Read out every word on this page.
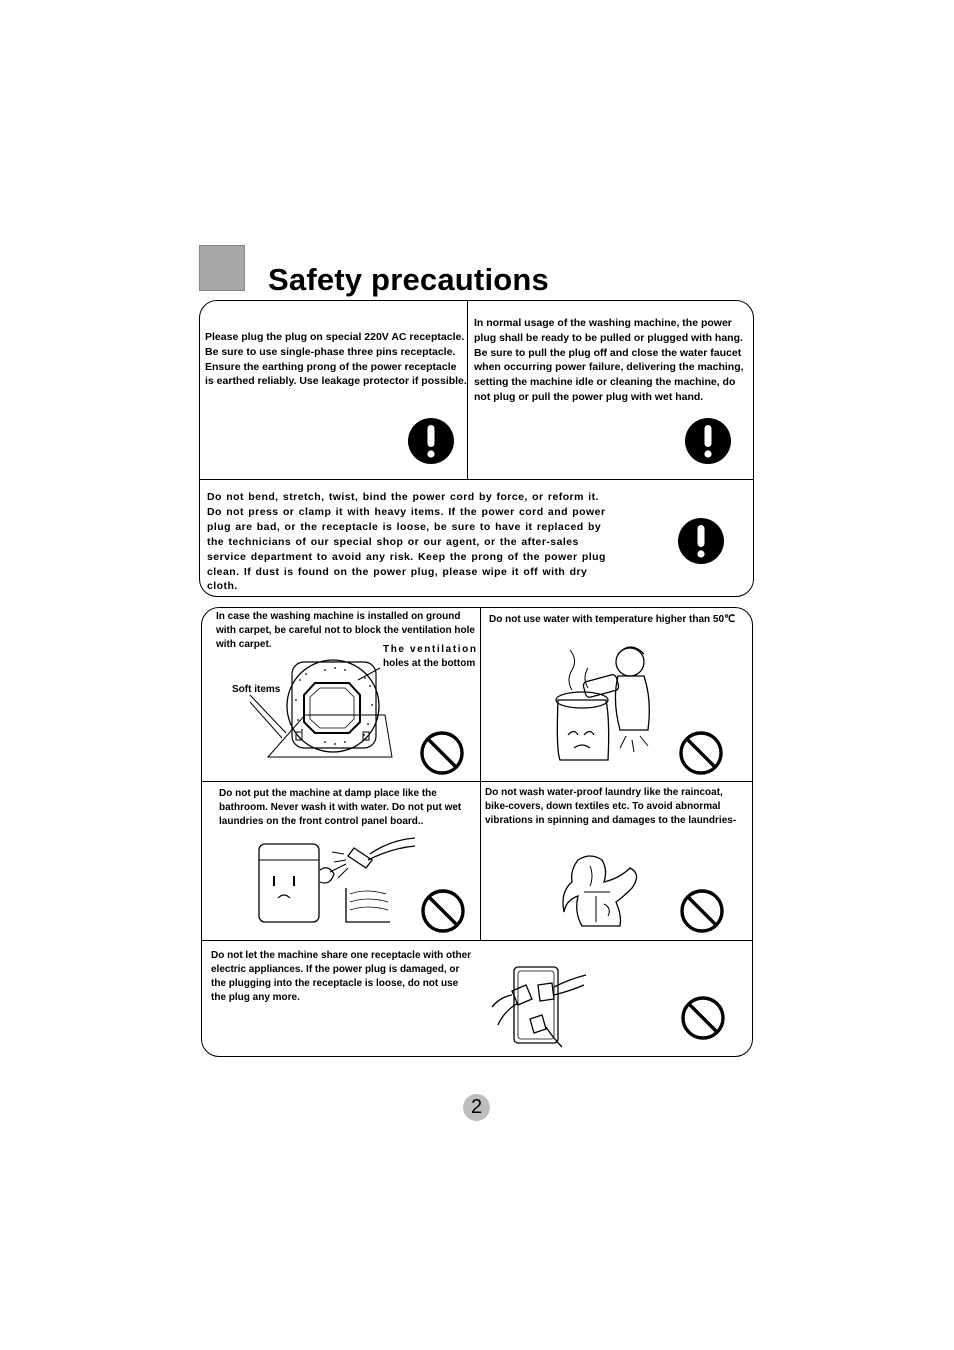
Safety precautions
Please plug the plug on special 220V AC receptacle. Be sure to use single-phase three pins receptacle. Ensure the earthing prong of the power receptacle is earthed reliably. Use leakage protector if possible.
In normal usage of the washing machine, the power plug shall be ready to be pulled or plugged with hang. Be sure to pull the plug off and close the water faucet when occurring power failure, delivering the maching, setting the machine idle or cleaning the machine, do not plug or pull the power plug with wet hand.
Do not bend, stretch, twist, bind the power cord by force, or reform it. Do not press or clamp it with heavy items. If the power cord and power plug are bad, or the receptacle is loose, be sure to have it replaced by the technicians of our special shop or our agent, or the after-sales service department to avoid any risk. Keep the prong of the power plug clean. If dust is found on the power plug, please wipe it off with dry cloth.
In case the washing machine is installed on ground with carpet, be careful not to block the ventilation hole with carpet.	The ventilation
holes at the bottom
Soft items
Do not use water with temperature higher than 50℃
Do not put the machine at damp place like the bathroom. Never wash it with water. Do not put wet laundries on the front control panel board..
Do not wash water-proof laundry like the raincoat, bike-covers, down textiles etc. To avoid abnormal vibrations in spinning and damages to the laundries-
Do not let the machine share one receptacle with other electric appliances. If the power plug is damaged, or the plugging into the receptacle is loose, do not use the plug any more.
2
